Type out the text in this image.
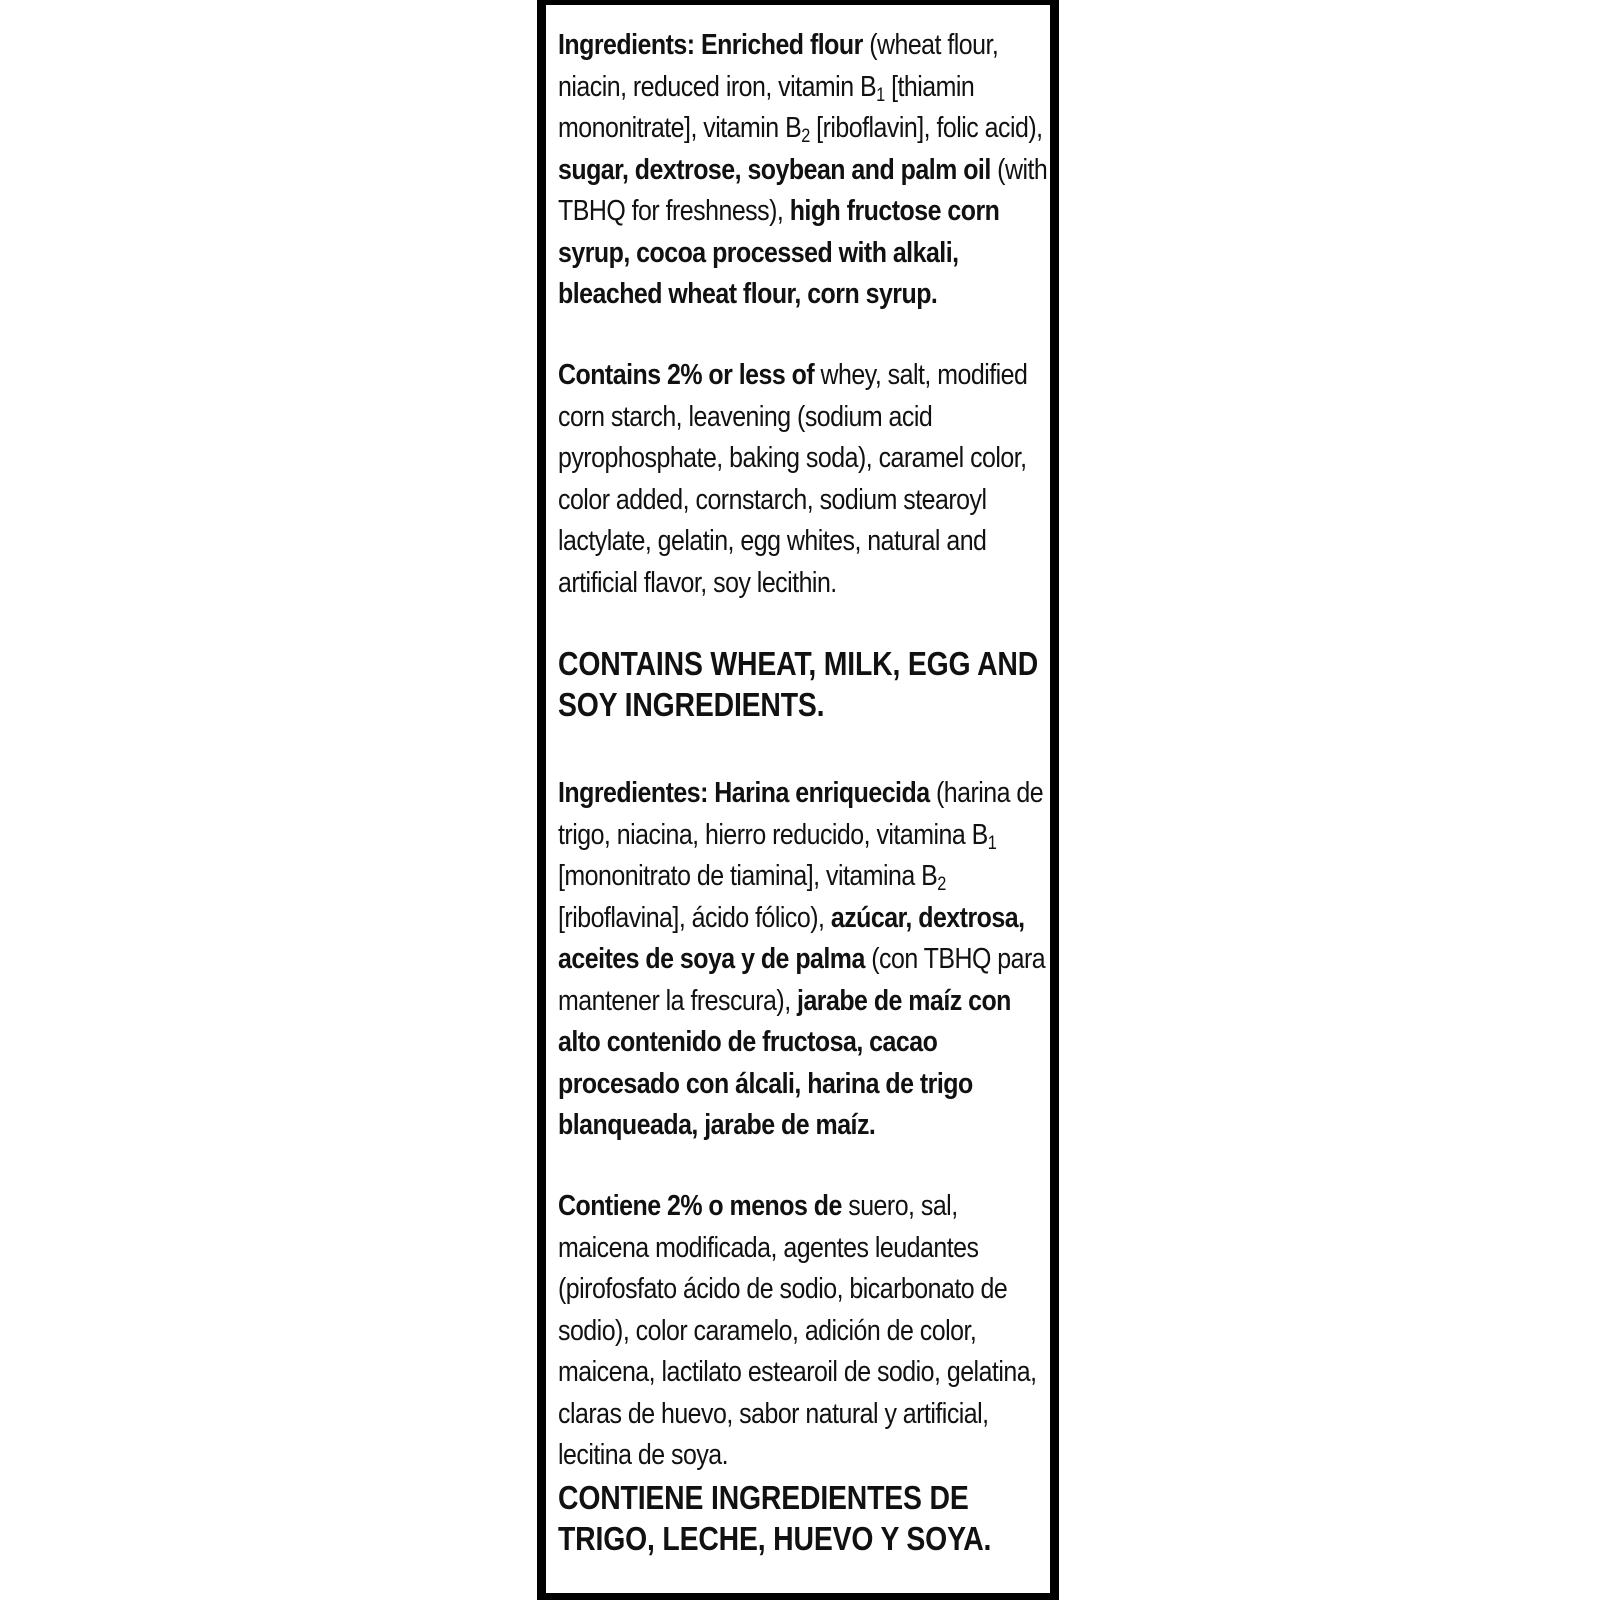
Ingredients: Enriched flour (wheat flour, niacin, reduced iron, vitamin $B_1$ [thiamin mononitrate], vitamin $B_2$ [riboflavin], folic acid), sugar, dextrose, soybean and palm oil (with TBHQ for freshness), high fructose corn syrup, cocoa processed with alkali, bleached wheat flour, corn syrup.

Contains 2% or less of whey, salt, modified corn starch, leavening (sodium acid pyrophosphate, baking soda), caramel color, color added, cornstarch, sodium stearoyl lactylate, gelatin, egg whites, natural and artificial flavor, soy lecithin.

CONTAINS WHEAT, MILK, EGG AND SOY INGREDIENTS.

Ingredientes: Harina enriquecida (harina de trigo, niacina, hierro reducido, vitamina $B_1$ [mononitrato de tiamina], vitamina $B_2$ [riboflavina], ácido fólico), azúcar, dextrosa, aceites de soya y de palma (con TBHQ para mantener la frescura), jarabe de maíz con alto contenido de fructosa, cacao procesado con álcali, harina de trigo blanqueada, jarabe de maíz.

Contiene 2% o menos de suero, sal, maicena modificada, agentes leudantes (pirofosfato ácido de sodio, bicarbonato de sodio), color caramelo, adición de color, maicena, lactilato estearoil de sodio, gelatina, claras de huevo, sabor natural y artificial, lecitina de soya.

CONTIENE INGREDIENTES DE TRIGO, LECHE, HUEVO Y SOYA.
